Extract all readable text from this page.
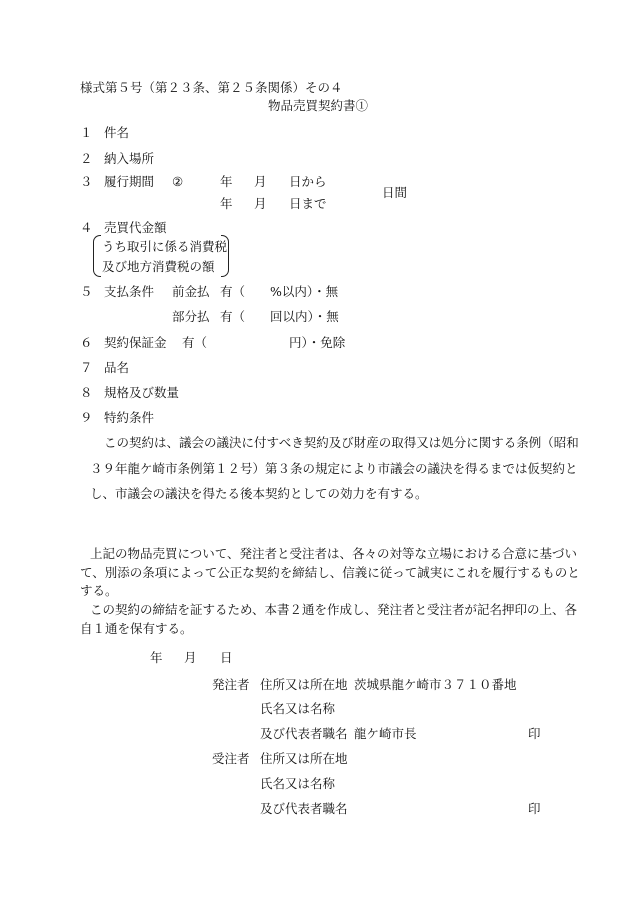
様式第５号（第２３条、第２５条関係）その４
物品売買契約書①
１ 件名
２ 納入場所
３ 履行期間 ②	年 月 日から
年 月 日まで
日間
４ 売買代金額
うち取引に係る消費税
及び地方消費税の額
５ 支払条件 前金払 有（　　%以内）・無
部分払 有（　　回以内）・無
６ 契約保証金 有（	円）・免除
７ 品名
８ 規格及び数量
９ 特約条件
この契約は、議会の議決に付すべき契約及び財産の取得又は処分に関する条例（昭和
３９年龍ケ崎市条例第１２号）第３条の規定により市議会の議決を得るまでは仮契約と
し、市議会の議決を得たる後本契約としての効力を有する。
上記の物品売買について、発注者と受注者は、各々の対等な立場における合意に基づい
て、別添の条項によって公正な契約を締結し、信義に従って誠実にこれを履行するものと
する。
この契約の締結を証するため、本書２通を作成し、発注者と受注者が記名押印の上、各
自１通を保有する。
年 月 日
発注者 住所又は所在地 茨城県龍ケ崎市３７１０番地
氏名又は名称
及び代表者職名 龍ケ崎市長	印
受注者 住所又は所在地
氏名又は名称
及び代表者職名	印
